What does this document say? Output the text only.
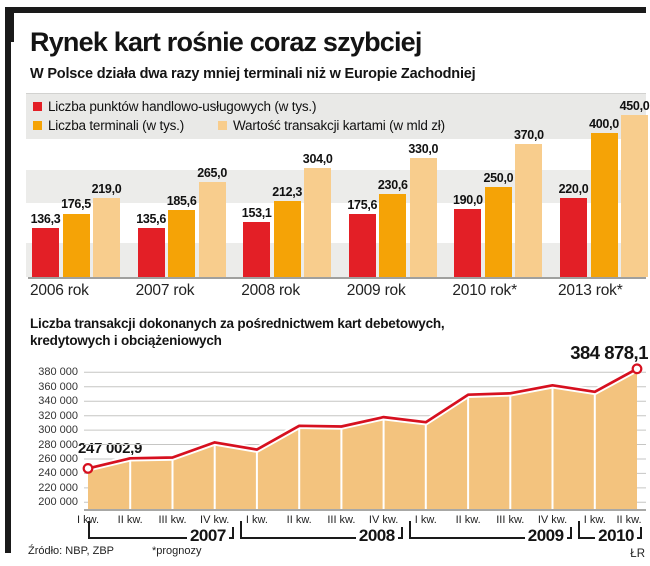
Rynek kart rośnie coraz szybciej
W Polsce działa dwa razy mniej terminali niż w Europie Zachodniej
Liczba punktów handlowo-usługowych (w tys.)
Liczba terminali (w tys.)	Wartość transakcji kartami (w mld zł)
136,3
176,5
219,0
135,6
185,6
265,0
153,1
212,3
304,0
175,6
230,6
330,0
190,0
250,0
370,0
220,0
400,0
450,0
2006 rok	2007 rok	2008 rok	2009 rok	2010 rok*	2013 rok*
Liczba transakcji dokonanych za pośrednictwem kart debetowych,
kredytowych i obciążeniowych
384 878,1
247 002,9
200 000
220 000
240 000
260 000
280 000
300 000
320 000
340 000
360 000
380 000
I kw. II kw. III kw. IV kw. I kw. II kw. III kw. IV kw. I kw. II kw. III kw. IV kw. I kw. II kw.
2007	2008	2009 2010
Źródło: NBP, ZBP	*prognozy	ŁR
